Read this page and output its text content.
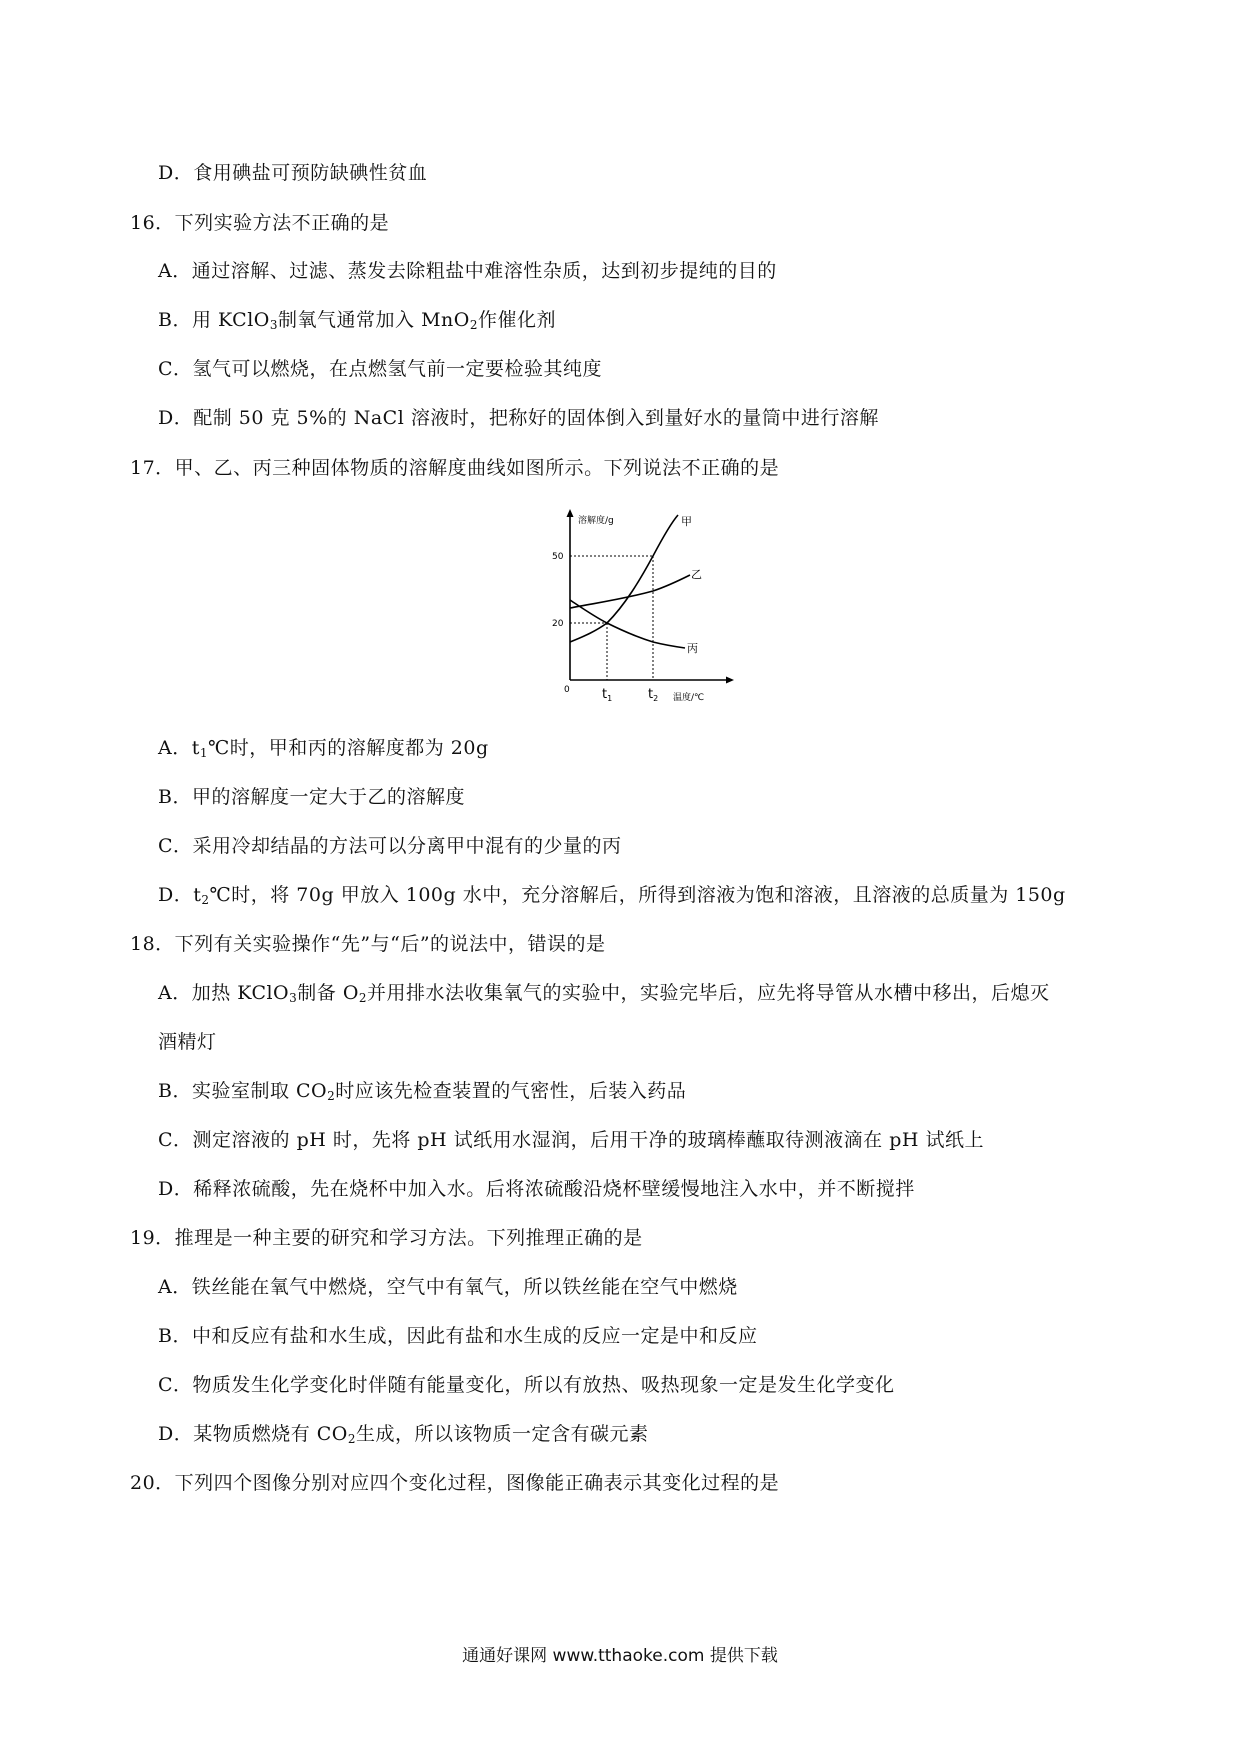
D．食用碘盐可预防缺碘性贫血
16．下列实验方法不正确的是
A．通过溶解、过滤、蒸发去除粗盐中难溶性杂质，达到初步提纯的目的
B．用 KClO$_3$制氧气通常加入 MnO$_2$作催化剂
C．氢气可以燃烧，在点燃氢气前一定要检验其纯度
D．配制 50 克 5%的 NaCl 溶液时，把称好的固体倒入到量好水的量筒中进行溶解
17．甲、乙、丙三种固体物质的溶解度曲线如图所示。下列说法不正确的是
溶解度/g
温度/℃
0
50
20
$t_1$	$t_2$
甲
乙
丙
A．$t_1℃$时，甲和丙的溶解度都为 20g
B．甲的溶解度一定大于乙的溶解度
C．采用冷却结晶的方法可以分离甲中混有的少量的丙
D．$t_2℃$时，将 70g 甲放入 100g 水中，充分溶解后，所得到溶液为饱和溶液，且溶液的总质量为 150g
18．下列有关实验操作“先”与“后”的说法中，错误的是
A．加热 KClO$_3$制备 $O_2$并用排水法收集氧气的实验中，实验完毕后，应先将导管从水槽中移出，后熄灭
酒精灯
B．实验室制取 $CO_2$时应该先检查装置的气密性，后装入药品
C．测定溶液的 pH 时，先将 pH 试纸用水湿润，后用干净的玻璃棒蘸取待测液滴在 pH 试纸上
D．稀释浓硫酸，先在烧杯中加入水。后将浓硫酸沿烧杯壁缓慢地注入水中，并不断搅拌
19．推理是一种主要的研究和学习方法。下列推理正确的是
A．铁丝能在氧气中燃烧，空气中有氧气，所以铁丝能在空气中燃烧
B．中和反应有盐和水生成，因此有盐和水生成的反应一定是中和反应
C．物质发生化学变化时伴随有能量变化，所以有放热、吸热现象一定是发生化学变化
D．某物质燃烧有 $CO_2$生成，所以该物质一定含有碳元素
20．下列四个图像分别对应四个变化过程，图像能正确表示其变化过程的是
通通好课网 www.tthaoke.com 提供下载
